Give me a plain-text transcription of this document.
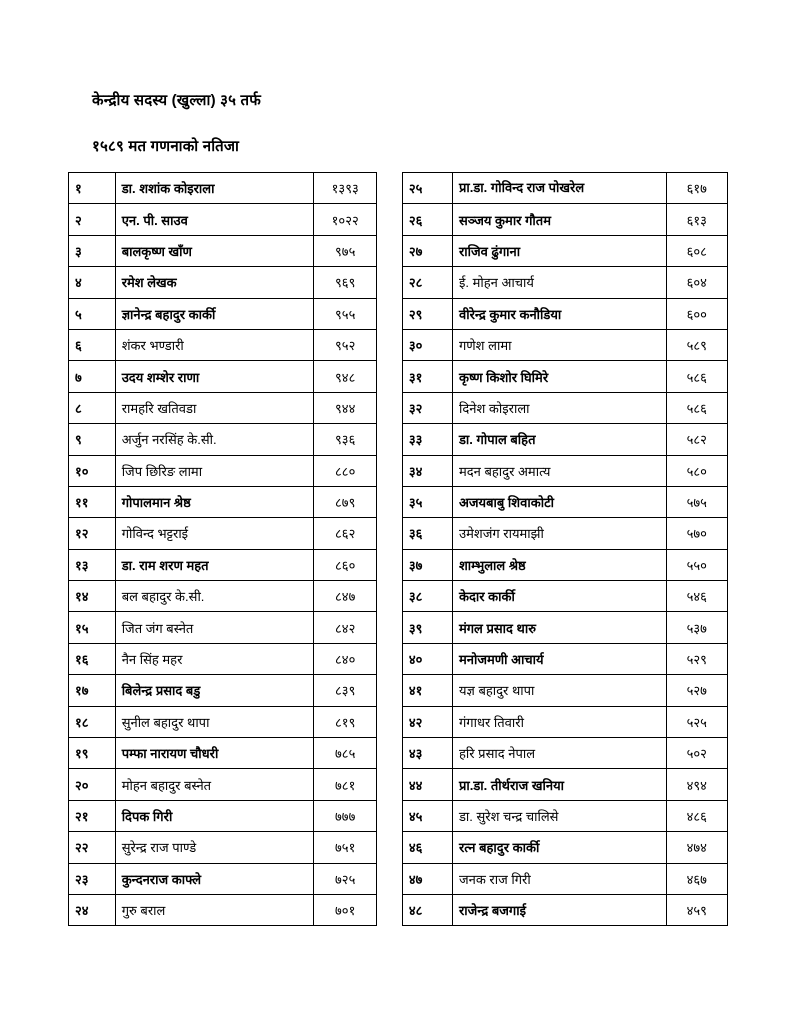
केन्द्रीय सदस्य (खुल्ला) ३५ तर्फ
१५८९ मत गणनाको नतिजा
१	डा. शशांक कोइराला	१३९३
२	एन. पी. साउव	१०२२
३	बालकृष्ण खाँण	९७५
४	रमेश लेखक	९६९
५	ज्ञानेन्द्र बहादुर कार्की	९५५
६	शंकर भण्डारी	९५२
७	उदय शम्शेर राणा	९४८
८	रामहरि खतिवडा	९४४
९	अर्जुन नरसिंह के.सी.	९३६
१०	जिप छिरिङ लामा	८८०
११	गोपालमान श्रेष्ठ	८७९
१२	गोविन्द भट्टराई	८६२
१३	डा. राम शरण महत	८६०
१४	बल बहादुर के.सी.	८४७
१५	जित जंग बस्नेत	८४२
१६	नैन सिंह महर	८४०
१७	बिलेन्द्र प्रसाद बडु	८३९
१८	सुनील बहादुर थापा	८१९
१९	पम्फा नारायण चौधरी	७८५
२०	मोहन बहादुर बस्नेत	७८१
२१	दिपक गिरी	७७७
२२	सुरेन्द्र राज पाण्डे	७५१
२३	कुन्दनराज काफ्ले	७२५
२४	गुरु बराल	७०१
२५	प्रा.डा. गोविन्द राज पोखरेल	६१७
२६	सञ्जय कुमार गौतम	६१३
२७	राजिव ढुंगाना	६०८
२८	ई. मोहन आचार्य	६०४
२९	वीरेन्द्र कुमार कनौडिया	६००
३०	गणेश लामा	५८९
३१	कृष्ण किशोर घिमिरे	५८६
३२	दिनेश कोइराला	५८६
३३	डा. गोपाल बहित	५८२
३४	मदन बहादुर अमात्य	५८०
३५	अजयबाबु शिवाकोटी	५७५
३६	उमेशजंग रायमाझी	५७०
३७	शाम्भुलाल श्रेष्ठ	५५०
३८	केदार कार्की	५४६
३९	मंगल प्रसाद थारु	५३७
४०	मनोजमणी आचार्य	५२९
४१	यज्ञ बहादुर थापा	५२७
४२	गंगाधर तिवारी	५२५
४३	हरि प्रसाद नेपाल	५०२
४४	प्रा.डा. तीर्थराज खनिया	४९४
४५	डा. सुरेश चन्द्र चालिसे	४८६
४६	रत्न बहादुर कार्की	४७४
४७	जनक राज गिरी	४६७
४८	राजेन्द्र बजगाई	४५९
